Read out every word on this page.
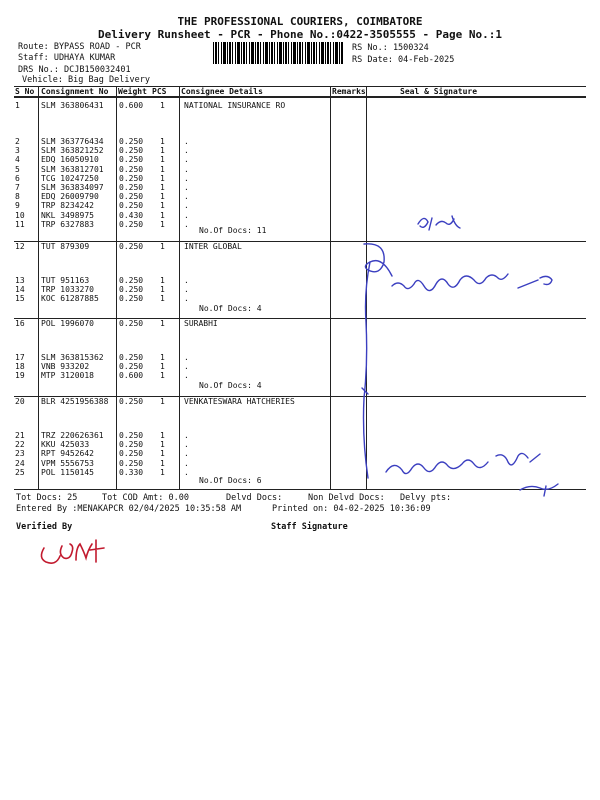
THE PROFESSIONAL COURIERS, COIMBATORE
Delivery Runsheet - PCR - Phone No.:0422-3505555 - Page No.:1
Route: BYPASS ROAD - PCR
Staff: UDHAYA KUMAR
DRS No.: DCJB150032401
Vehicle: Big Bag Delivery
RS No.: 1500324
RS Date: 04-Feb-2025
S No Consignment No Weight PCS Consignee Details	Remarks	Seal & Signature
1	SLM 363806431 0.600 1 NATIONAL INSURANCE RO
2	SLM 363776434 0.250 1 .
3	SLM 363821252 0.250 1 .
4	EDQ 16050910	0.250 1 .
5	SLM 363812701 0.250 1 .
6	TCG 10247250	0.250 1 .
7	SLM 363834097 0.250 1 .
8	EDQ 26009790	0.250 1 .
9	TRP 8234242	0.250 1 .
10 NKL 3498975	0.430 1 .
11 TRP 6327883	0.250 1 .
No.Of Docs: 11
12 TUT 879309	0.250 1 INTER GLOBAL
13 TUT 951163	0.250 1 .
14 TRP 1033270	0.250 1 .
15 KOC 61287885	0.250 1 .
No.Of Docs: 4
16 POL 1996070	0.250 1 SURABHI
17 SLM 363815362 0.250 1 .
18 VNB 933202	0.250 1 .
19 MTP 3120018	0.600 1 .
No.Of Docs: 4
20 BLR 4251956388 0.250 1 VENKATESWARA HATCHERIES
21 TRZ 220626361 0.250 1 .
22 KKU 425033	0.250 1 .
23 RPT 9452642	0.250 1 .
24 VPM 5556753	0.250 1 .
25 POL 1150145	0.330 1 .
No.Of Docs: 6
Tot Docs: 25	Tot COD Amt: 0.00	Delvd Docs:	Non Delvd Docs: Delvy pts:
Entered By :MENAKAPCR 02/04/2025 10:35:58 AM	Printed on: 04-02-2025 10:36:09
Verified By	Staff Signature
